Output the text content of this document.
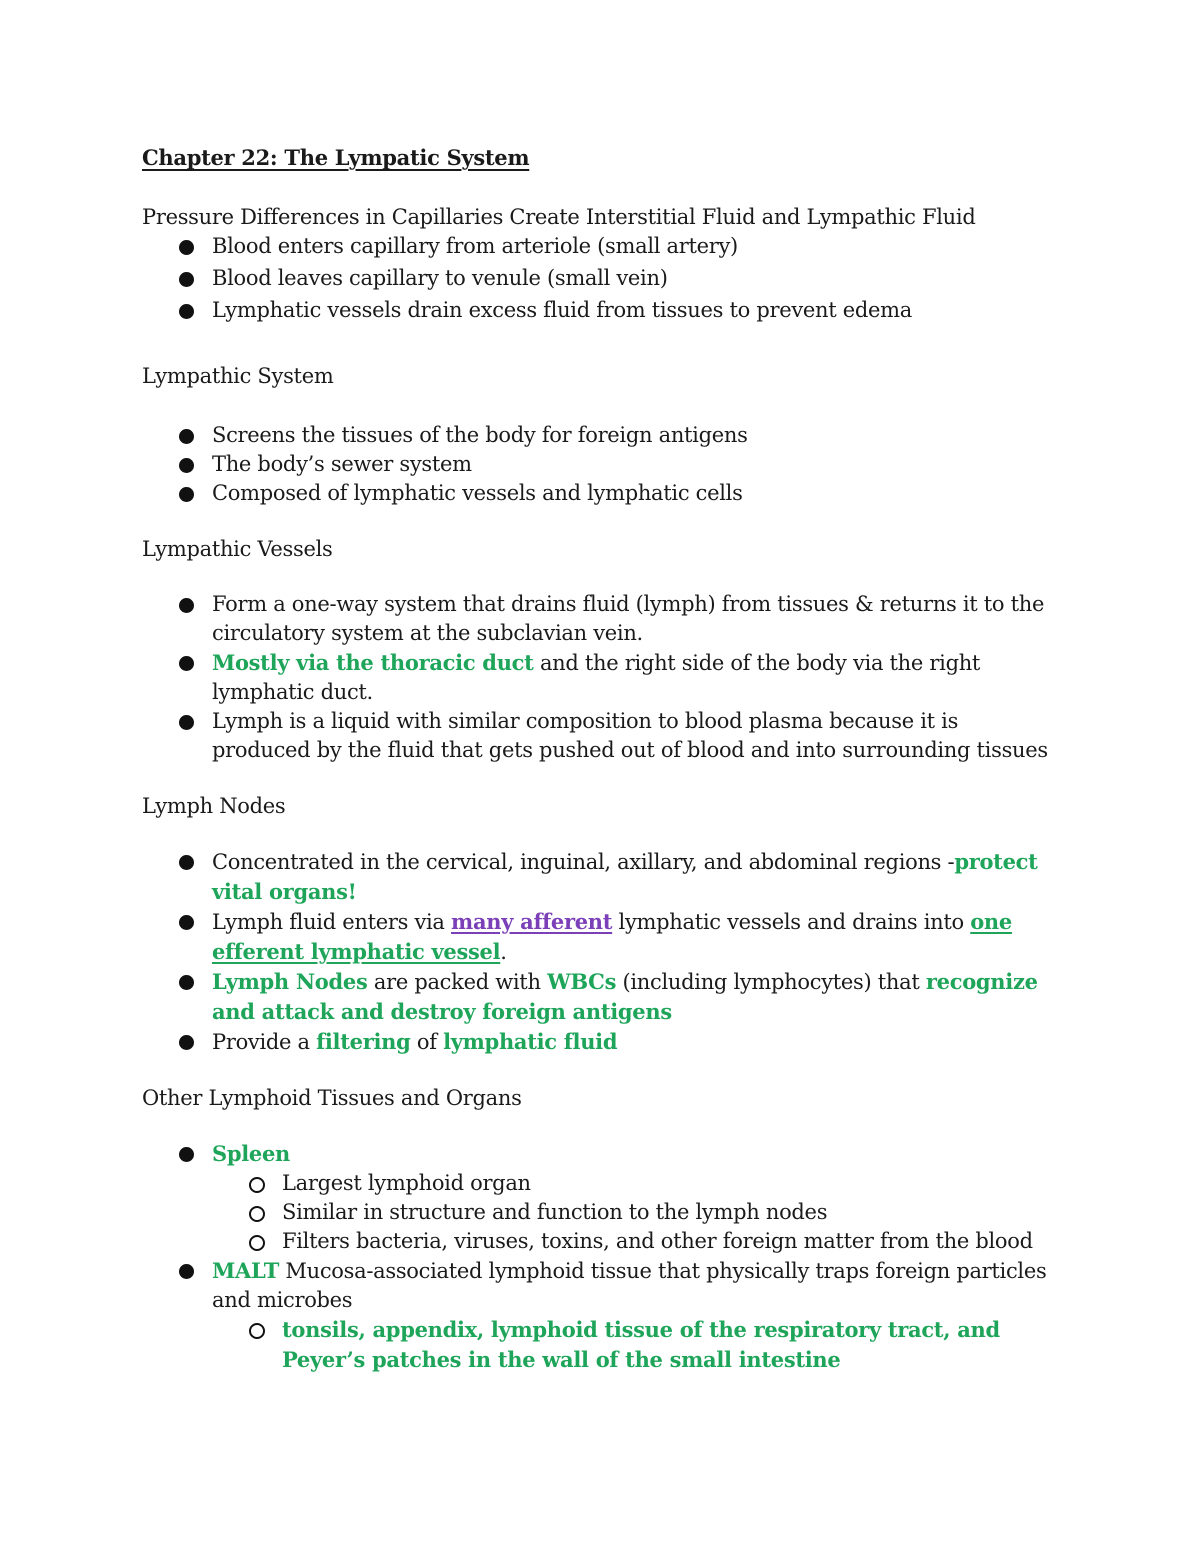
Chapter 22: The Lympatic System
Pressure Differences in Capillaries Create Interstitial Fluid and Lympathic Fluid
Blood enters capillary from arteriole (small artery)
Blood leaves capillary to venule (small vein)
Lymphatic vessels drain excess fluid from tissues to prevent edema
Lympathic System
Screens the tissues of the body for foreign antigens
The body’s sewer system
Composed of lymphatic vessels and lymphatic cells
Lympathic Vessels
Form a one-way system that drains fluid (lymph) from tissues & returns it to the circulatory system at the subclavian vein.
Mostly via the thoracic duct and the right side of the body via the right lymphatic duct.
Lymph is a liquid with similar composition to blood plasma because it is produced by the fluid that gets pushed out of blood and into surrounding tissues
Lymph Nodes
Concentrated in the cervical, inguinal, axillary, and abdominal regions -protect vital organs!
Lymph fluid enters via many afferent lymphatic vessels and drains into one efferent lymphatic vessel.
Lymph Nodes are packed with WBCs (including lymphocytes) that recognize and attack and destroy foreign antigens
Provide a filtering of lymphatic fluid
Other Lymphoid Tissues and Organs
Spleen
Largest lymphoid organ
Similar in structure and function to the lymph nodes
Filters bacteria, viruses, toxins, and other foreign matter from the blood
MALT Mucosa-associated lymphoid tissue that physically traps foreign particles and microbes
tonsils, appendix, lymphoid tissue of the respiratory tract, and Peyer’s patches in the wall of the small intestine
